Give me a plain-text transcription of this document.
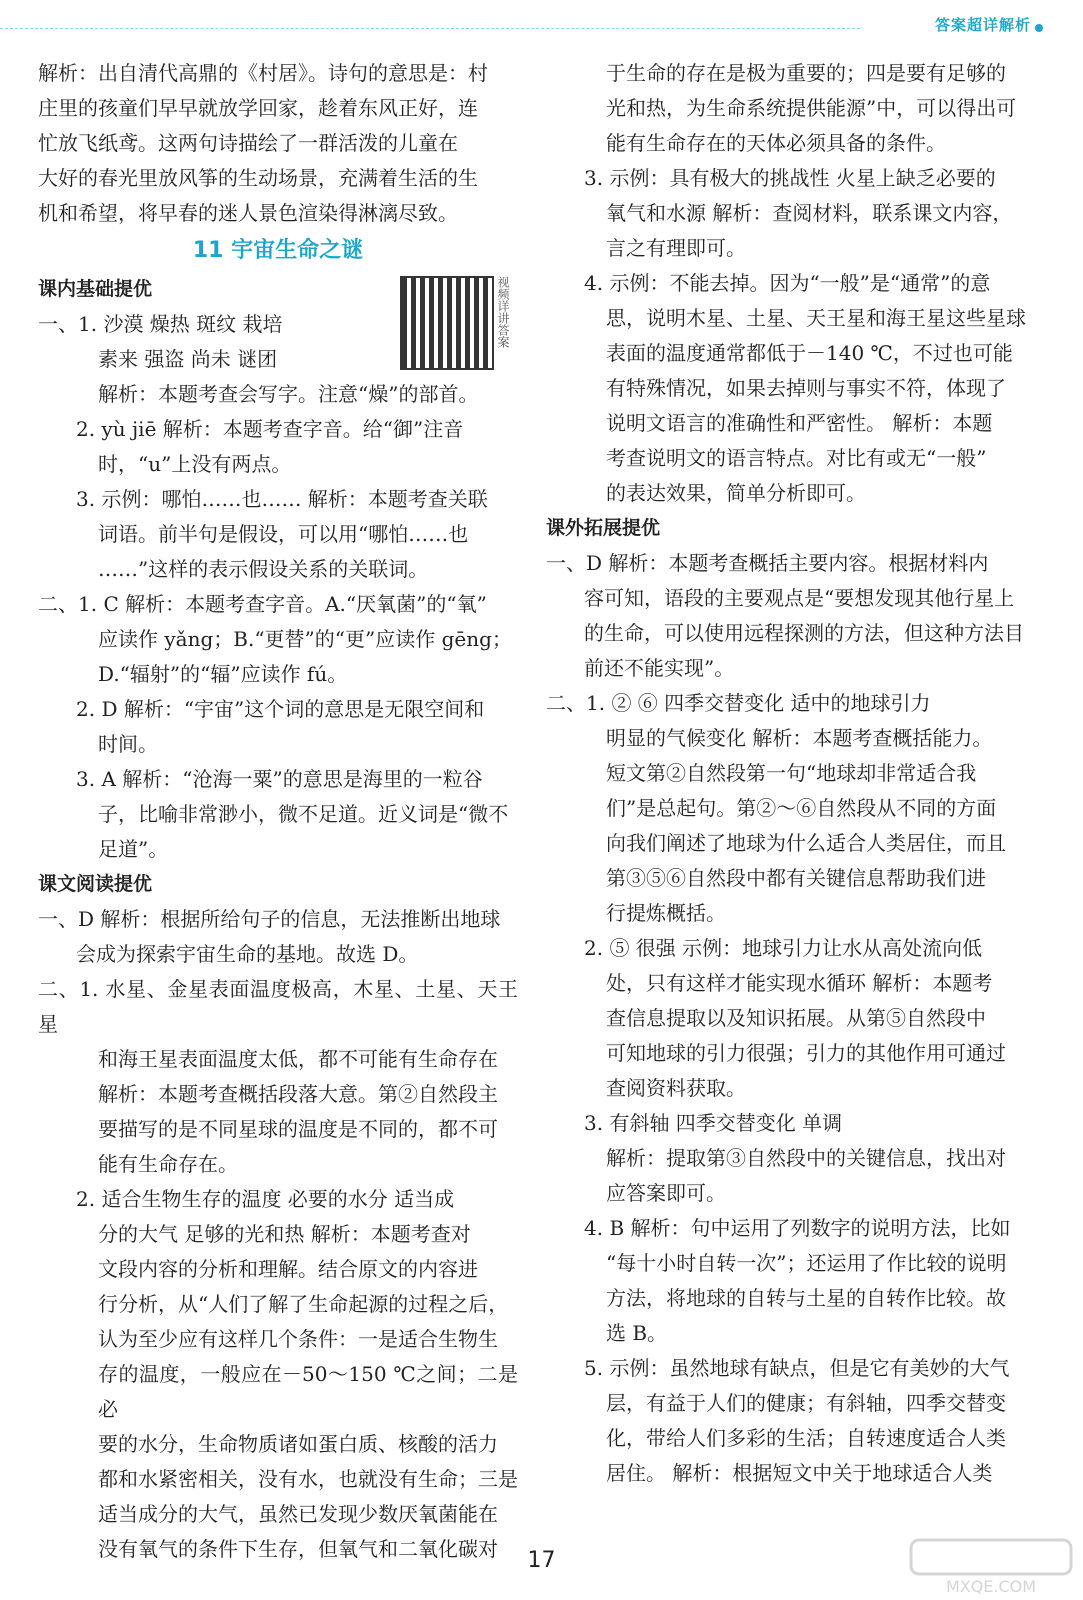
答案超详解析
解析：出自清代高鼎的《村居》。诗句的意思是：村
庄里的孩童们早早就放学回家，趁着东风正好，连
忙放飞纸鸢。这两句诗描绘了一群活泼的儿童在
大好的春光里放风筝的生动场景，充满着生活的生
机和希望，将早春的迷人景色渲染得淋漓尽致。
11 宇宙生命之谜
课内基础提优
一、1. 沙漠 燥热 斑纹 栽培
素来 强盗 尚未 谜团
解析：本题考查会写字。注意“燥”的部首。
2. yù jiē 解析：本题考查字音。给“御”注音
时，“u”上没有两点。
3. 示例：哪怕……也…… 解析：本题考查关联
词语。前半句是假设，可以用“哪怕……也
……”这样的表示假设关系的关联词。
二、1. C 解析：本题考查字音。A.“厌氧菌”的“氧”
应读作 yǎng；B.“更替”的“更”应读作 gēng；
D.“辐射”的“辐”应读作 fú。
2. D 解析：“宇宙”这个词的意思是无限空间和
时间。
3. A 解析：“沧海一粟”的意思是海里的一粒谷
子，比喻非常渺小，微不足道。近义词是“微不
足道”。
课文阅读提优
一、D 解析：根据所给句子的信息，无法推断出地球
会成为探索宇宙生命的基地。故选 D。
二、1. 水星、金星表面温度极高，木星、土星、天王星
和海王星表面温度太低，都不可能有生命存在
解析：本题考查概括段落大意。第②自然段主
要描写的是不同星球的温度是不同的，都不可
能有生命存在。
2. 适合生物生存的温度 必要的水分 适当成
分的大气 足够的光和热 解析：本题考查对
文段内容的分析和理解。结合原文的内容进
行分析，从“人们了解了生命起源的过程之后，
认为至少应有这样几个条件：一是适合生物生
存的温度，一般应在－50～150 ℃之间；二是必
要的水分，生命物质诸如蛋白质、核酸的活力
都和水紧密相关，没有水，也就没有生命；三是
适当成分的大气，虽然已发现少数厌氧菌能在
没有氧气的条件下生存，但氧气和二氧化碳对
视频详讲答案
于生命的存在是极为重要的；四是要有足够的
光和热，为生命系统提供能源”中，可以得出可
能有生命存在的天体必须具备的条件。
3. 示例：具有极大的挑战性 火星上缺乏必要的
氧气和水源 解析：查阅材料，联系课文内容，
言之有理即可。
4. 示例：不能去掉。因为“一般”是“通常”的意
思，说明木星、土星、天王星和海王星这些星球
表面的温度通常都低于－140 ℃，不过也可能
有特殊情况，如果去掉则与事实不符，体现了
说明文语言的准确性和严密性。 解析：本题
考查说明文的语言特点。对比有或无“一般”
的表达效果，简单分析即可。
课外拓展提优
一、D 解析：本题考查概括主要内容。根据材料内
容可知，语段的主要观点是“要想发现其他行星上
的生命，可以使用远程探测的方法，但这种方法目
前还不能实现”。
二、1. ② ⑥ 四季交替变化 适中的地球引力
明显的气候变化 解析：本题考查概括能力。
短文第②自然段第一句“地球却非常适合我
们”是总起句。第②～⑥自然段从不同的方面
向我们阐述了地球为什么适合人类居住，而且
第③⑤⑥自然段中都有关键信息帮助我们进
行提炼概括。
2. ⑤ 很强 示例：地球引力让水从高处流向低
处，只有这样才能实现水循环 解析：本题考
查信息提取以及知识拓展。从第⑤自然段中
可知地球的引力很强；引力的其他作用可通过
查阅资料获取。
3. 有斜轴 四季交替变化 单调
解析：提取第③自然段中的关键信息，找出对
应答案即可。
4. B 解析：句中运用了列数字的说明方法，比如
“每十小时自转一次”；还运用了作比较的说明
方法，将地球的自转与土星的自转作比较。故
选 B。
5. 示例：虽然地球有缺点，但是它有美妙的大气
层，有益于人们的健康；有斜轴，四季交替变
化，带给人们多彩的生活；自转速度适合人类
居住。 解析：根据短文中关于地球适合人类
17
MXQE.COM
